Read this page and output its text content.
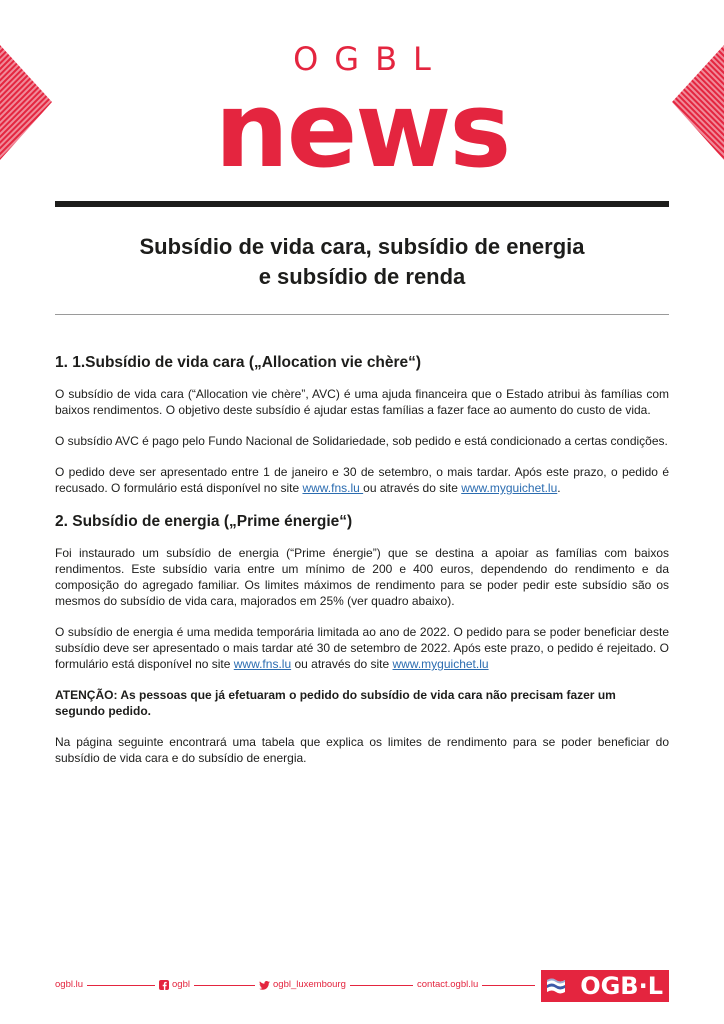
OGBL
news
Subsídio de vida cara, subsídio de energia
e subsídio de renda
1. 1.Subsídio de vida cara („Allocation vie chère“)

O subsídio de vida cara (“Allocation vie chère”, AVC) é uma ajuda financeira que o Estado atribui às famílias com baixos rendimentos. O objetivo deste subsídio é ajudar estas famílias a fazer face ao aumento do custo de vida.

O subsídio AVC é pago pelo Fundo Nacional de Solidariedade, sob pedido e está condicionado a certas condições.

O pedido deve ser apresentado entre 1 de janeiro e 30 de setembro, o mais tardar. Após este prazo, o pedido é recusado. O formulário está disponível no site www.fns.lu ou através do site www.myguichet.lu.

2. Subsídio de energia („Prime énergie“)

Foi instaurado um subsídio de energia (“Prime énergie”) que se destina a apoiar as famílias com baixos rendimentos. Este subsídio varia entre um mínimo de 200 e 400 euros, dependendo do rendimento e da composição do agregado familiar. Os limites máximos de rendimento para se poder pedir este subsídio são os mesmos do subsídio de vida cara, majorados em 25% (ver quadro abaixo).

O subsídio de energia é uma medida temporária limitada ao ano de 2022. O pedido para se poder beneficiar deste subsídio deve ser apresentado o mais tardar até 30 de setembro de 2022. Após este prazo, o pedido é rejeitado. O formulário está disponível no site www.fns.lu ou através do site www.myguichet.lu

ATENÇÃO: As pessoas que já efetuaram o pedido do subsídio de vida cara não precisam fazer um segundo pedido.

Na página seguinte encontrará uma tabela que explica os limites de rendimento para se poder beneficiar do subsídio de vida cara e do subsídio de energia.

ogbl.lu	ogbl	ogbl_luxembourg	contact.ogbl.lu	OGB·L
